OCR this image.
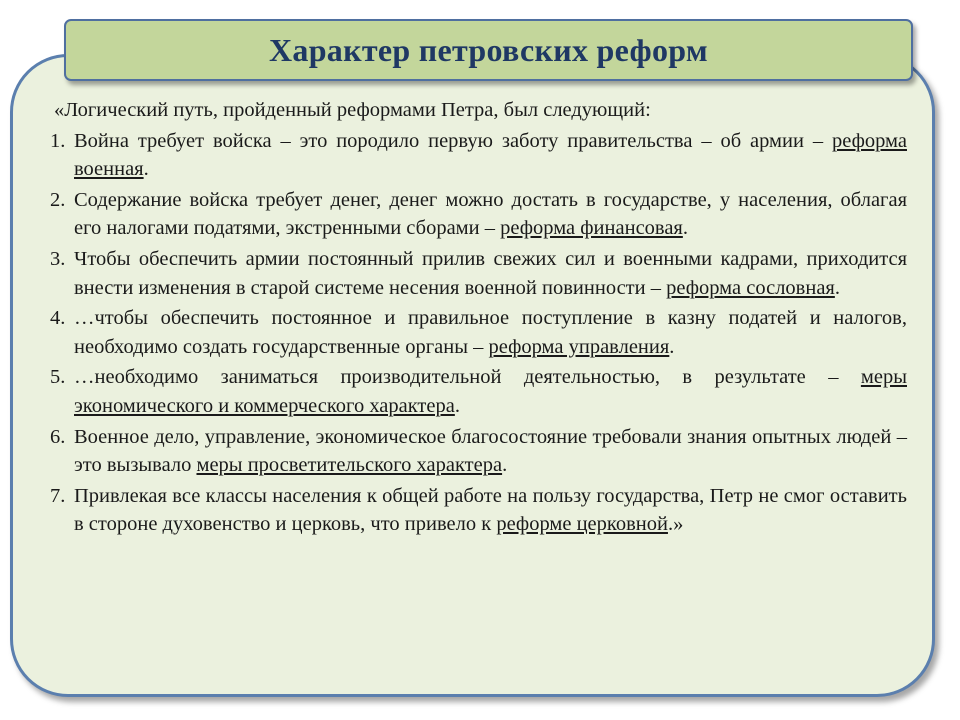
Характер петровских реформ

«Логический путь, пройденный реформами Петра, был следующий:

1. Война требует войска – это породило первую заботу правительства – об армии – реформа военная.
2. Содержание войска требует денег, денег можно достать в государстве, у населения, облагая его налогами податями, экстренными сборами – реформа финансовая.
3. Чтобы обеспечить армии постоянный прилив свежих сил и военными кадрами, приходится внести изменения в старой системе несения военной повинности – реформа сословная.
4. …чтобы обеспечить постоянное и правильное поступление в казну податей и налогов, необходимо создать государственные органы – реформа управления.
5. …необходимо заниматься производительной деятельностью, в результате – меры экономического и коммерческого характера.
6. Военное дело, управление, экономическое благосостояние требовали знания опытных людей – это вызывало меры просветительского характера.
7. Привлекая все классы населения к общей работе на пользу государства, Петр не смог оставить в стороне духовенство и церковь, что привело к реформе церковной.»
